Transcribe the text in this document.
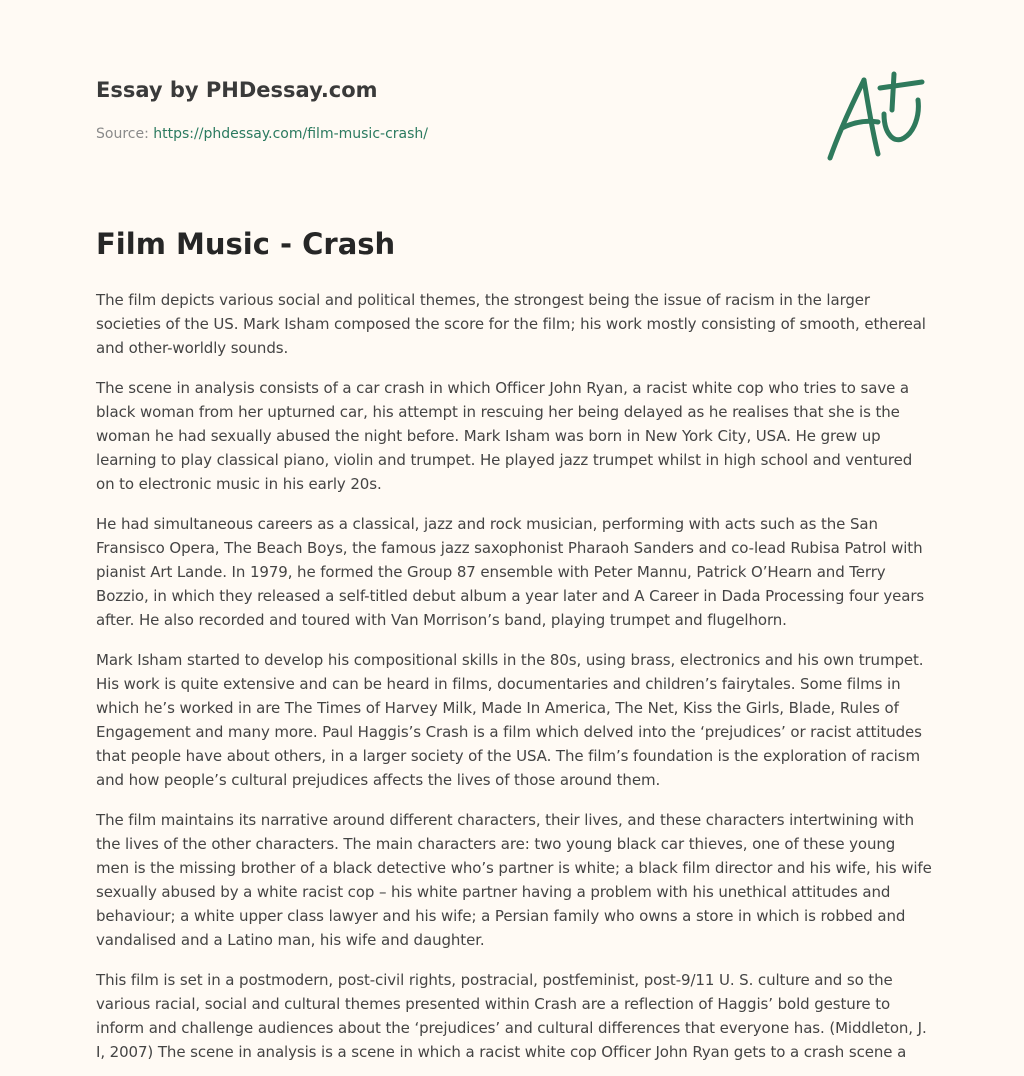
Essay by PHDessay.com
Source: https://phdessay.com/film-music-crash/
Film Music - Crash

The film depicts various social and political themes, the strongest being the issue of racism in the larger societies of the US. Mark Isham composed the score for the film; his work mostly consisting of smooth, ethereal and other-worldly sounds.

The scene in analysis consists of a car crash in which Officer John Ryan, a racist white cop who tries to save a black woman from her upturned car, his attempt in rescuing her being delayed as he realises that she is the woman he had sexually abused the night before. Mark Isham was born in New York City, USA. He grew up learning to play classical piano, violin and trumpet. He played jazz trumpet whilst in high school and ventured on to electronic music in his early 20s.

He had simultaneous careers as a classical, jazz and rock musician, performing with acts such as the San Fransisco Opera, The Beach Boys, the famous jazz saxophonist Pharaoh Sanders and co-lead Rubisa Patrol with pianist Art Lande. In 1979, he formed the Group 87 ensemble with Peter Mannu, Patrick O’Hearn and Terry Bozzio, in which they released a self-titled debut album a year later and A Career in Dada Processing four years after. He also recorded and toured with Van Morrison’s band, playing trumpet and flugelhorn.

Mark Isham started to develop his compositional skills in the 80s, using brass, electronics and his own trumpet. His work is quite extensive and can be heard in films, documentaries and children’s fairytales. Some films in which he’s worked in are The Times of Harvey Milk, Made In America, The Net, Kiss the Girls, Blade, Rules of Engagement and many more. Paul Haggis’s Crash is a film which delved into the ‘prejudices’ or racist attitudes that people have about others, in a larger society of the USA. The film’s foundation is the exploration of racism and how people’s cultural prejudices affects the lives of those around them.

The film maintains its narrative around different characters, their lives, and these characters intertwining with the lives of the other characters. The main characters are: two young black car thieves, one of these young men is the missing brother of a black detective who’s partner is white; a black film director and his wife, his wife sexually abused by a white racist cop – his white partner having a problem with his unethical attitudes and behaviour; a white upper class lawyer and his wife; a Persian family who owns a store in which is robbed and vandalised and a Latino man, his wife and daughter.

This film is set in a postmodern, post-civil rights, postracial, postfeminist, post-9/11 U. S. culture and so the various racial, social and cultural themes presented within Crash are a reflection of Haggis’ bold gesture to inform and challenge audiences about the ‘prejudices’ and cultural differences that everyone has. (Middleton, J. I, 2007) The scene in analysis is a scene in which a racist white cop Officer John Ryan gets to a crash scene a
